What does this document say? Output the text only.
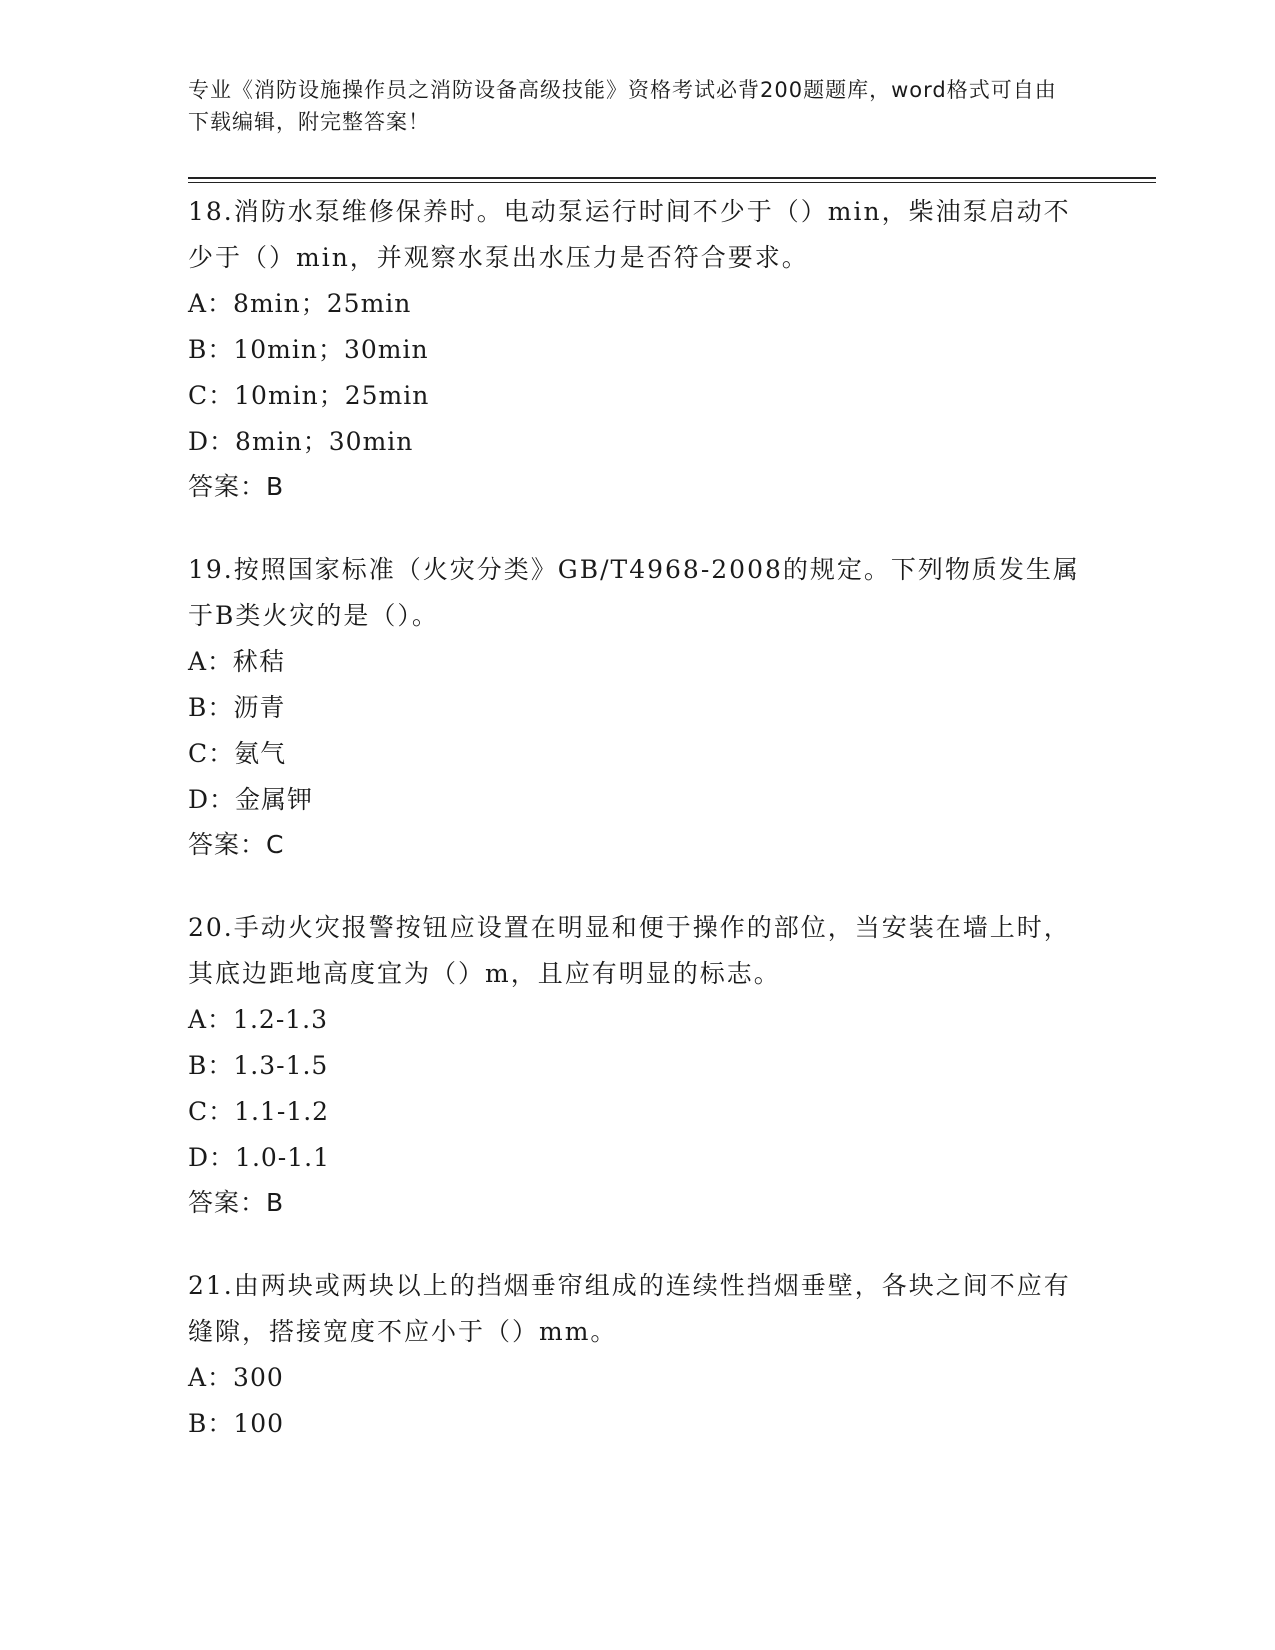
专业《消防设施操作员之消防设备高级技能》资格考试必背200题题库，word格式可自由下载编辑，附完整答案！

18.消防水泵维修保养时。电动泵运行时间不少于（）min，柴油泵启动不少于（）min，并观察水泵出水压力是否符合要求。

A：8min；25min

B：10min；30min

C：10min；25min

D：8min；30min

答案：B

19.按照国家标准（火灾分类》GB/T4968-2008的规定。下列物质发生属于B类火灾的是（）。

A：秫秸

B：沥青

C：氨气

D：金属钾

答案：C

20.手动火灾报警按钮应设置在明显和便于操作的部位，当安装在墙上时，其底边距地高度宜为（）m，且应有明显的标志。

A：1.2-1.3

B：1.3-1.5

C：1.1-1.2

D：1.0-1.1

答案：B

21.由两块或两块以上的挡烟垂帘组成的连续性挡烟垂壁，各块之间不应有缝隙，搭接宽度不应小于（）mm。

A：300

B：100
